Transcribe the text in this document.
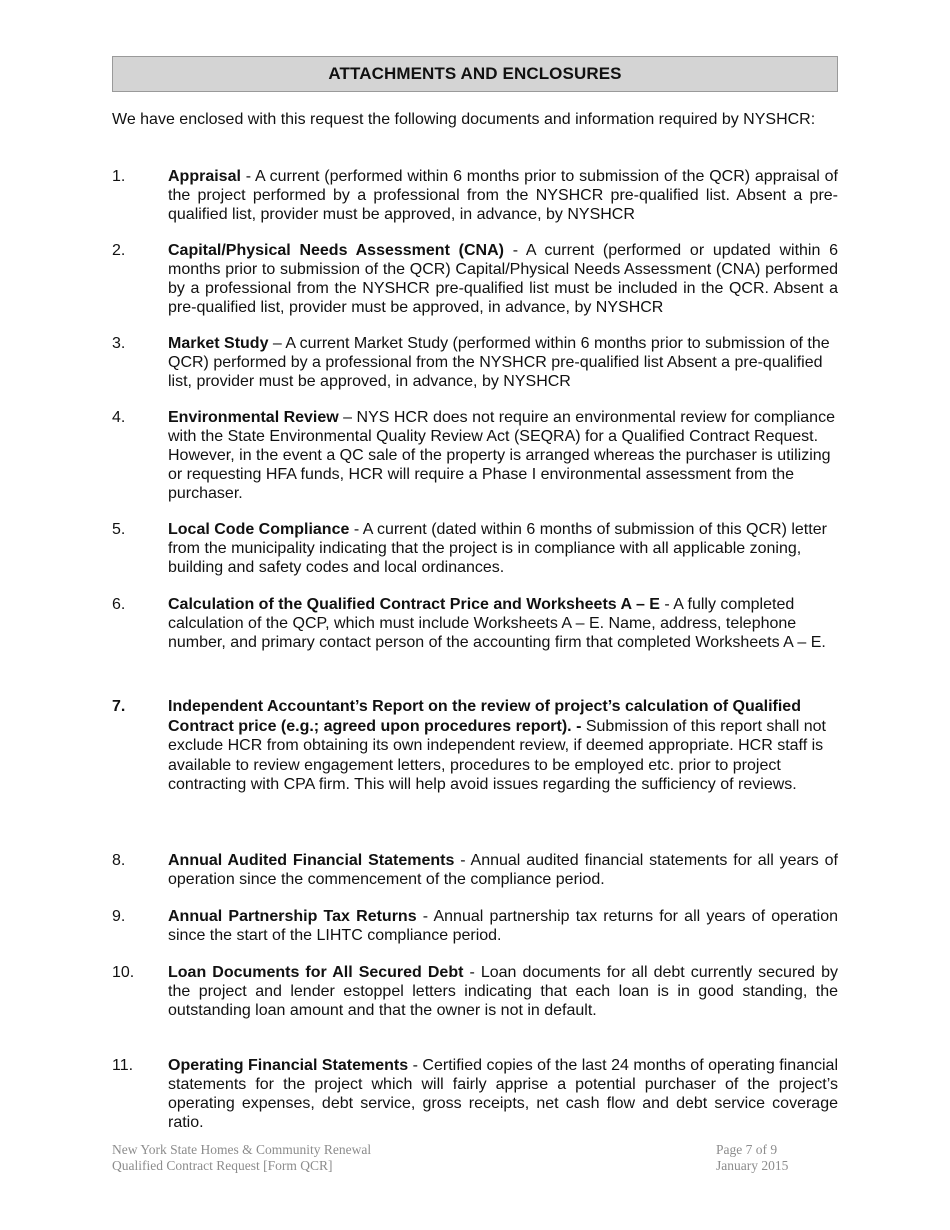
ATTACHMENTS AND ENCLOSURES
We have enclosed with this request the following documents and information required by NYSHCR:
1.	Appraisal - A current (performed within 6 months prior to submission of the QCR) appraisal of the project performed by a professional from the NYSHCR pre-qualified list. Absent a pre-qualified list, provider must be approved, in advance, by NYSHCR
2.	Capital/Physical Needs Assessment (CNA) - A current (performed or updated within 6 months prior to submission of the QCR) Capital/Physical Needs Assessment (CNA) performed by a professional from the NYSHCR pre-qualified list must be included in the QCR. Absent a pre-qualified list, provider must be approved, in advance, by NYSHCR
3.	Market Study – A current Market Study (performed within 6 months prior to submission of the QCR) performed by a professional from the NYSHCR pre-qualified list Absent a pre-qualified list, provider must be approved, in advance, by NYSHCR
4.	Environmental Review – NYS HCR does not require an environmental review for compliance with the State Environmental Quality Review Act (SEQRA) for a Qualified Contract Request. However, in the event a QC sale of the property is arranged whereas the purchaser is utilizing or requesting HFA funds, HCR will require a Phase I environmental assessment from the purchaser.
5.	Local Code Compliance - A current (dated within 6 months of submission of this QCR) letter from the municipality indicating that the project is in compliance with all applicable zoning, building and safety codes and local ordinances.
6.	Calculation of the Qualified Contract Price and Worksheets A – E - A fully completed calculation of the QCP, which must include Worksheets A – E. Name, address, telephone number, and primary contact person of the accounting firm that completed Worksheets A – E.
7.	Independent Accountant’s Report on the review of project’s calculation of Qualified Contract price (e.g.; agreed upon procedures report). - Submission of this report shall not exclude HCR from obtaining its own independent review, if deemed appropriate. HCR staff is available to review engagement letters, procedures to be employed etc. prior to project contracting with CPA firm. This will help avoid issues regarding the sufficiency of reviews.
8.	Annual Audited Financial Statements - Annual audited financial statements for all years of operation since the commencement of the compliance period.
9.	Annual Partnership Tax Returns - Annual partnership tax returns for all years of operation since the start of the LIHTC compliance period.
10.	Loan Documents for All Secured Debt - Loan documents for all debt currently secured by the project and lender estoppel letters indicating that each loan is in good standing, the outstanding loan amount and that the owner is not in default.
11.	Operating Financial Statements - Certified copies of the last 24 months of operating financial statements for the project which will fairly apprise a potential purchaser of the project’s operating expenses, debt service, gross receipts, net cash flow and debt service coverage ratio.
New York State Homes & Community Renewal
Qualified Contract Request [Form QCR]
Page 7 of 9
January 2015
